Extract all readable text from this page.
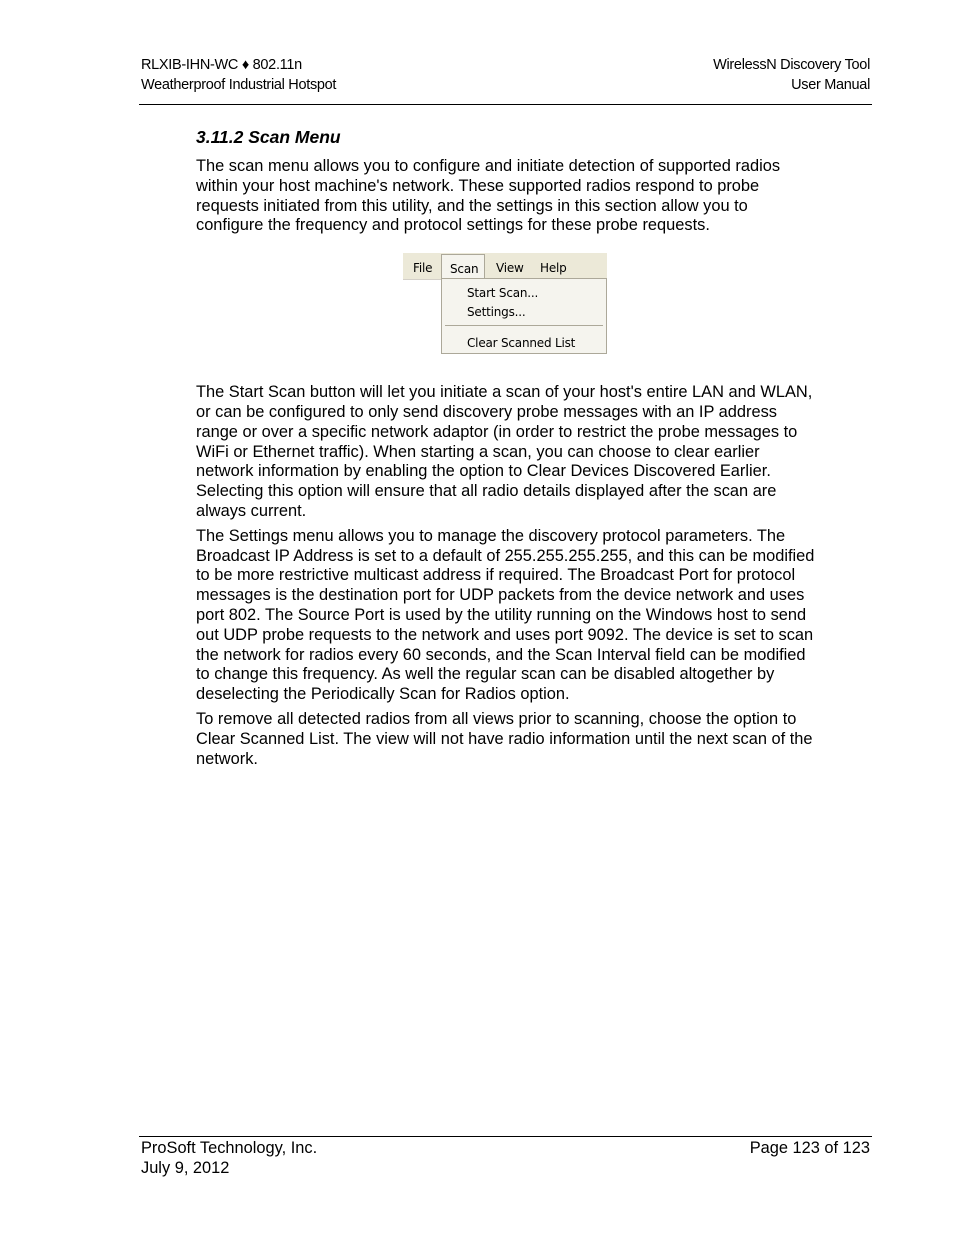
RLXIB-IHN-WC ♦ 802.11n
Weatherproof Industrial Hotspot
WirelessN Discovery Tool
User Manual
3.11.2 Scan Menu

The scan menu allows you to configure and initiate detection of supported radios within your host machine's network. These supported radios respond to probe requests initiated from this utility, and the settings in this section allow you to configure the frequency and protocol settings for these probe requests.

File	Scan	View Help
Start Scan...
Settings...
Clear Scanned List

The Start Scan button will let you initiate a scan of your host's entire LAN and WLAN, or can be configured to only send discovery probe messages with an IP address range or over a specific network adaptor (in order to restrict the probe messages to WiFi or Ethernet traffic). When starting a scan, you can choose to clear earlier network information by enabling the option to Clear Devices Discovered Earlier. Selecting this option will ensure that all radio details displayed after the scan are always current.

The Settings menu allows you to manage the discovery protocol parameters. The Broadcast IP Address is set to a default of 255.255.255.255, and this can be modified to be more restrictive multicast address if required. The Broadcast Port for protocol messages is the destination port for UDP packets from the device network and uses port 802. The Source Port is used by the utility running on the Windows host to send out UDP probe requests to the network and uses port 9092. The device is set to scan the network for radios every 60 seconds, and the Scan Interval field can be modified to change this frequency. As well the regular scan can be disabled altogether by deselecting the Periodically Scan for Radios option.

To remove all detected radios from all views prior to scanning, choose the option to Clear Scanned List. The view will not have radio information until the next scan of the network.

ProSoft Technology, Inc.
July 9, 2012
Page 123 of 123
